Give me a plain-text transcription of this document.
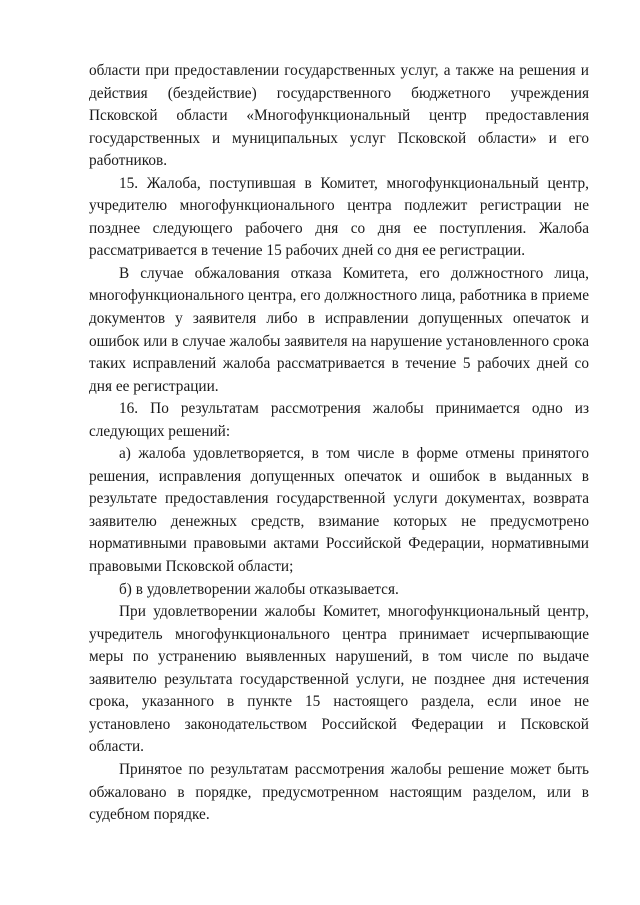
области при предоставлении государственных услуг, а также на решения и действия (бездействие) государственного бюджетного учреждения Псковской области «Многофункциональный центр предоставления государственных и муниципальных услуг Псковской области» и его работников.

15. Жалоба, поступившая в Комитет, многофункциональный центр, учредителю многофункционального центра подлежит регистрации не позднее следующего рабочего дня со дня ее поступления. Жалоба рассматривается в течение 15 рабочих дней со дня ее регистрации.

В случае обжалования отказа Комитета, его должностного лица, многофункционального центра, его должностного лица, работника в приеме документов у заявителя либо в исправлении допущенных опечаток и ошибок или в случае жалобы заявителя на нарушение установленного срока таких исправлений жалоба рассматривается в течение 5 рабочих дней со дня ее регистрации.

16. По результатам рассмотрения жалобы принимается одно из следующих решений:

а) жалоба удовлетворяется, в том числе в форме отмены принятого решения, исправления допущенных опечаток и ошибок в выданных в результате предоставления государственной услуги документах, возврата заявителю денежных средств, взимание которых не предусмотрено нормативными правовыми актами Российской Федерации, нормативными правовыми Псковской области;

б) в удовлетворении жалобы отказывается.

При удовлетворении жалобы Комитет, многофункциональный центр, учредитель многофункционального центра принимает исчерпывающие меры по устранению выявленных нарушений, в том числе по выдаче заявителю результата государственной услуги, не позднее дня истечения срока, указанного в пункте 15 настоящего раздела, если иное не установлено законодательством Российской Федерации и Псковской области.

Принятое по результатам рассмотрения жалобы решение может быть обжаловано в порядке, предусмотренном настоящим разделом, или в судебном порядке.
